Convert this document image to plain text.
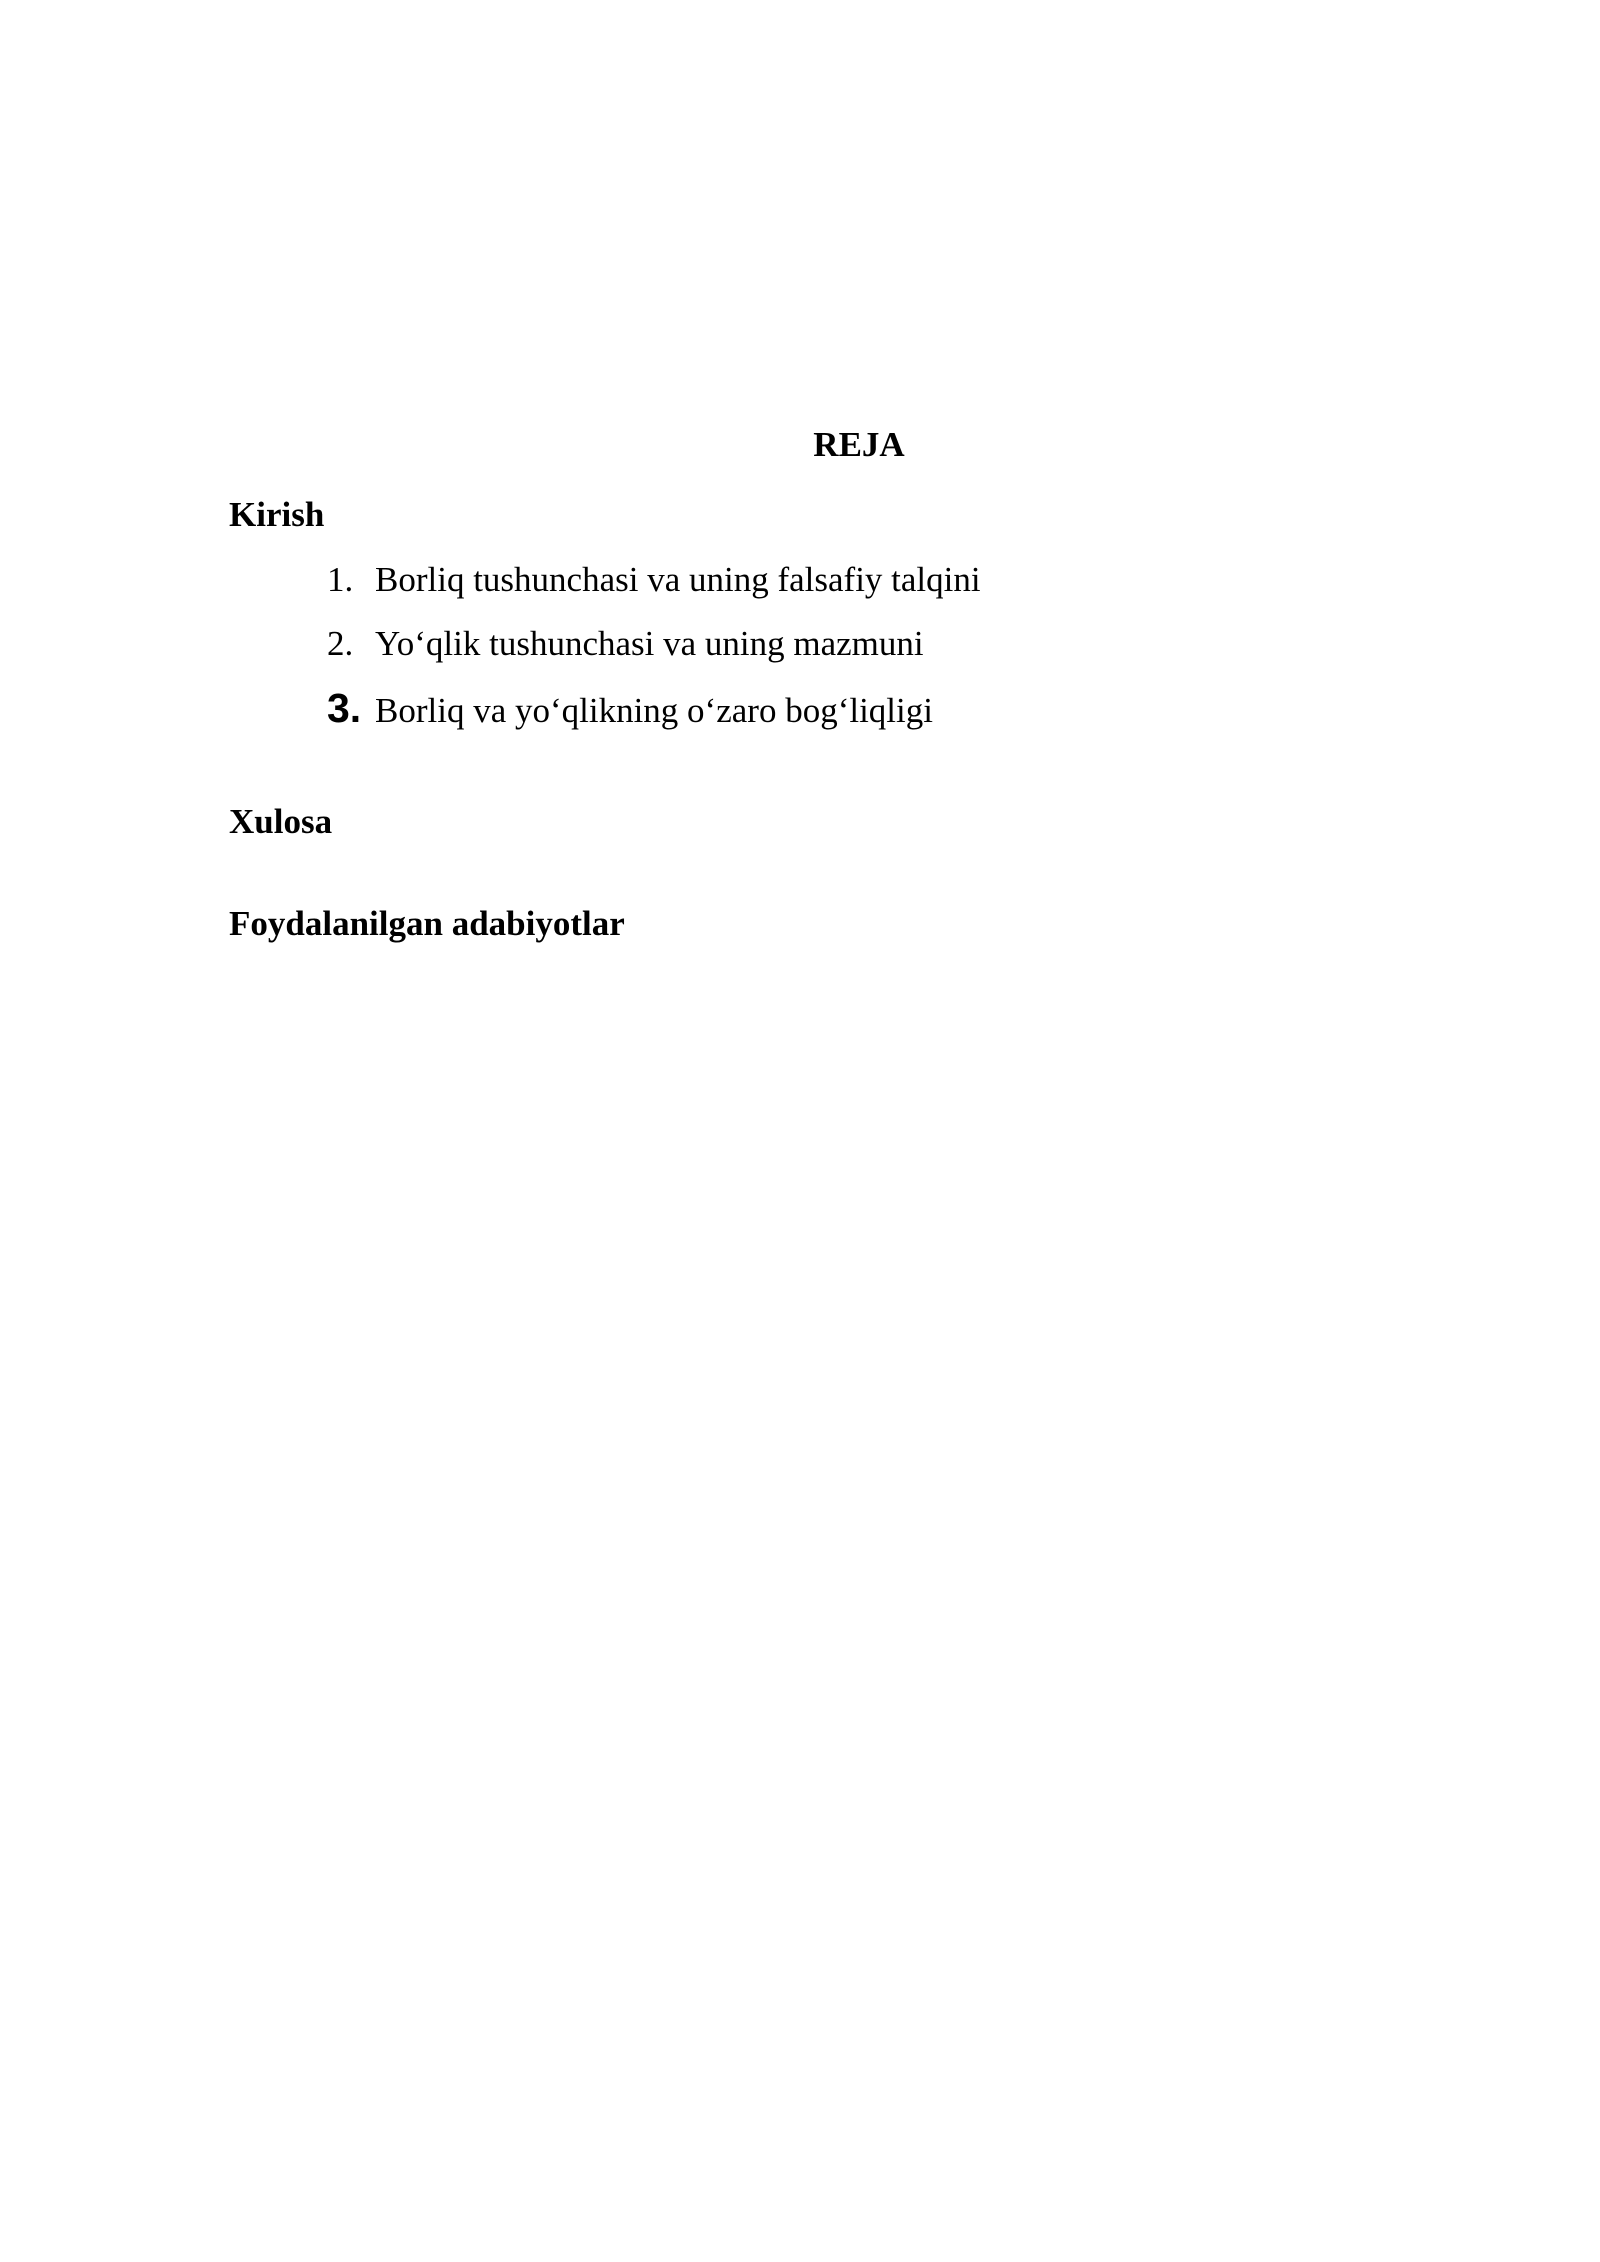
REJA
Kirish
1. Borliq tushunchasi va uning falsafiy talqini
2. Yo‘qlik tushunchasi va uning mazmuni
3. Borliq va yo‘qlikning o‘zaro bog‘liqligi
Xulosa
Foydalanilgan adabiyotlar
